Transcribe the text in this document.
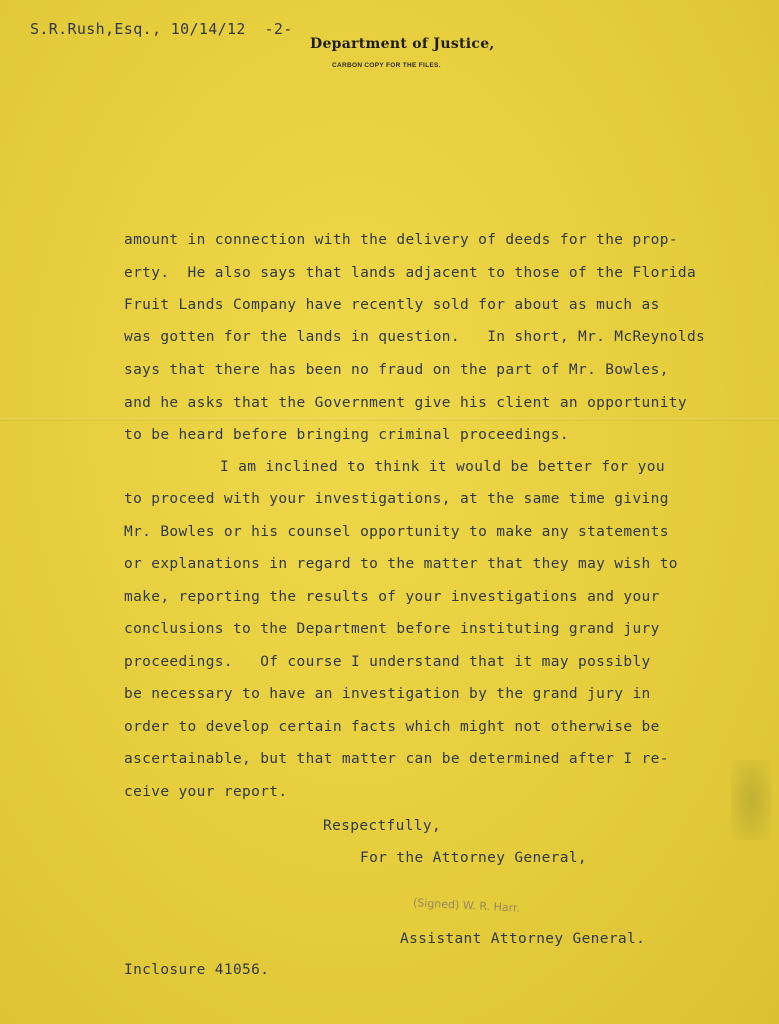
S.R.Rush,Esq., 10/14/12  -2-
Department of Justice,
CARBON COPY FOR THE FILES.
amount in connection with the delivery of deeds for the prop-
erty.  He also says that lands adjacent to those of the Florida
Fruit Lands Company have recently sold for about as much as
was gotten for the lands in question.   In short, Mr. McReynolds
says that there has been no fraud on the part of Mr. Bowles,
and he asks that the Government give his client an opportunity
to be heard before bringing criminal proceedings.
I am inclined to think it would be better for you
to proceed with your investigations, at the same time giving
Mr. Bowles or his counsel opportunity to make any statements
or explanations in regard to the matter that they may wish to
make, reporting the results of your investigations and your
conclusions to the Department before instituting grand jury
proceedings.   Of course I understand that it may possibly
be necessary to have an investigation by the grand jury in
order to develop certain facts which might not otherwise be
ascertainable, but that matter can be determined after I re-
ceive your report.
Respectfully,
For the Attorney General,
(Signed) W. R. Harr.
Assistant Attorney General.
Inclosure 41056.
